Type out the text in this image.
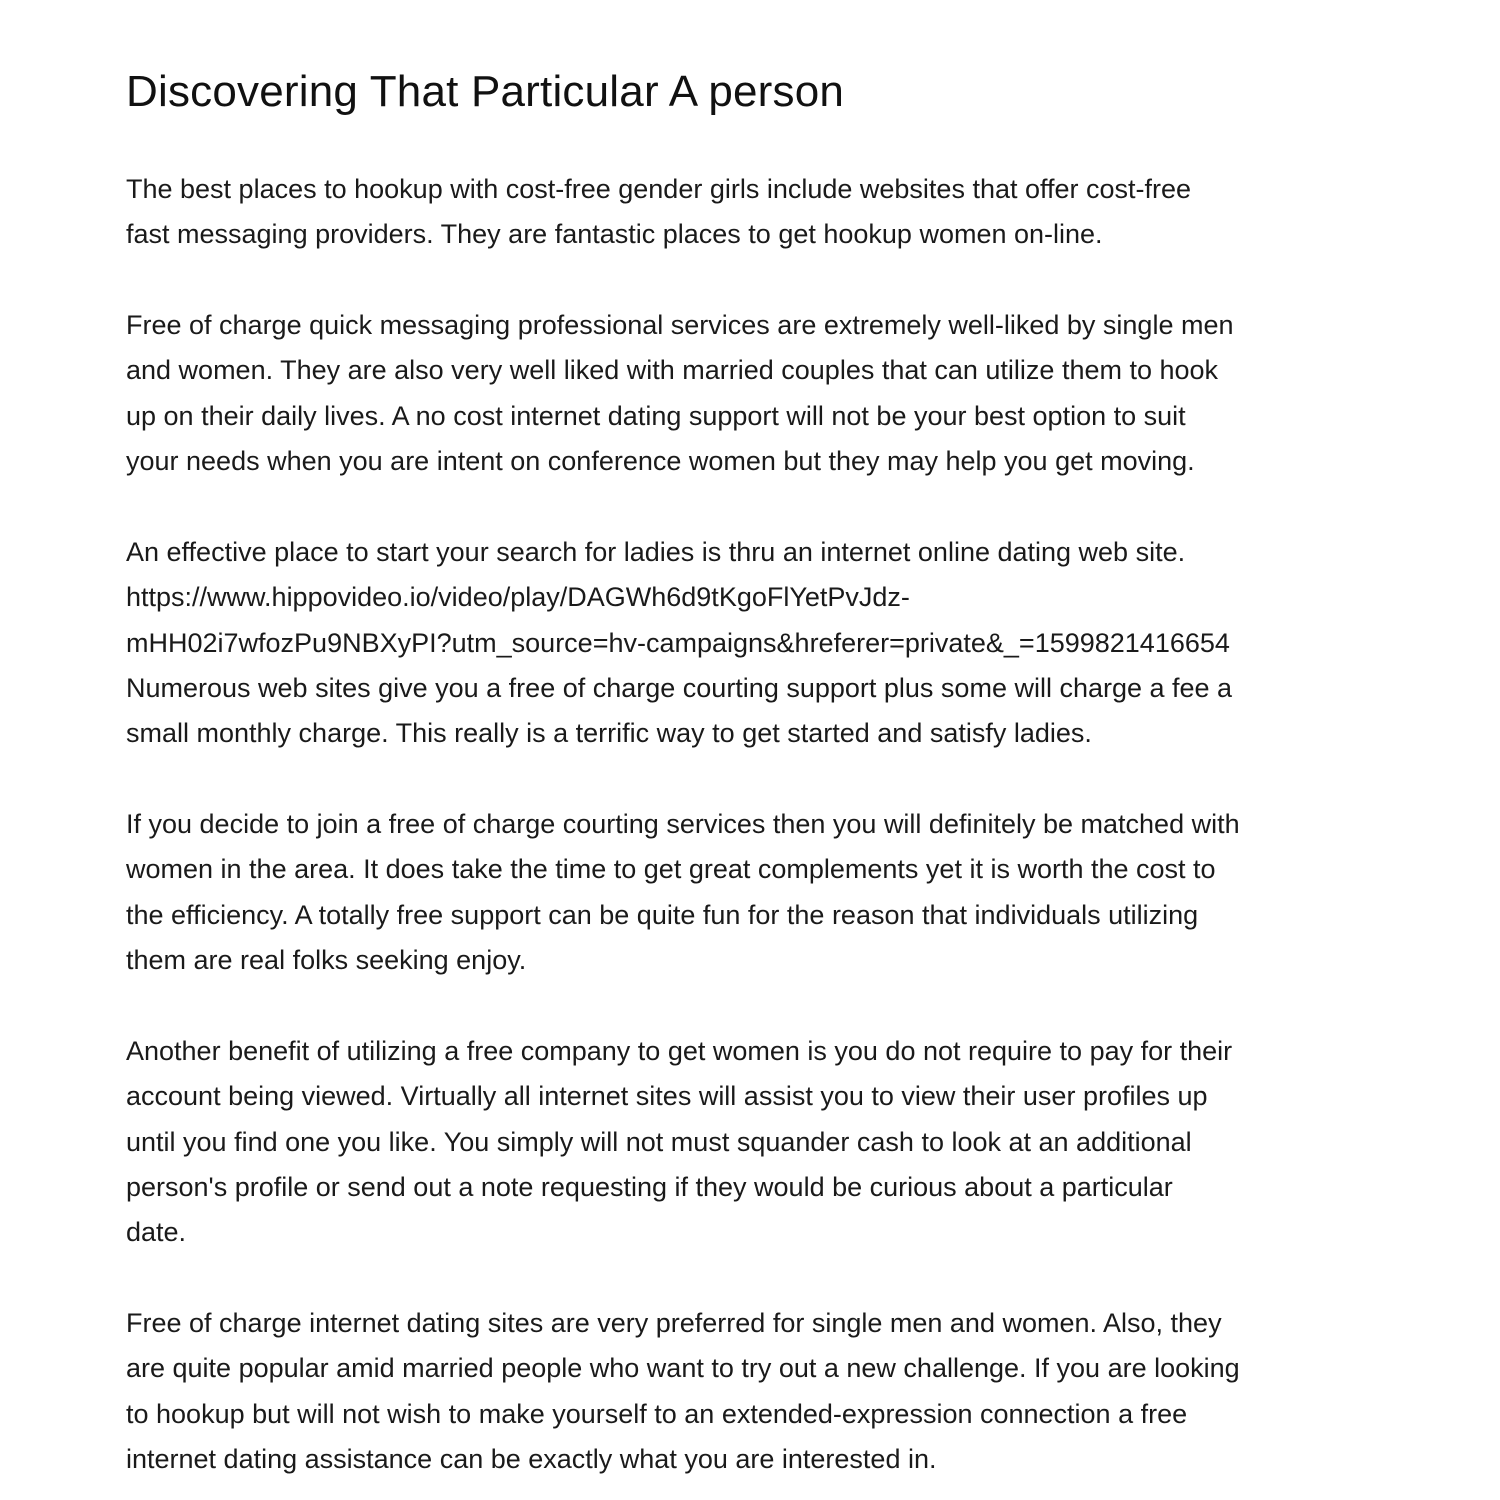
Discovering That Particular A person

The best places to hookup with cost-free gender girls include websites that offer cost-free
fast messaging providers. They are fantastic places to get hookup women on-line.

Free of charge quick messaging professional services are extremely well-liked by single men
and women. They are also very well liked with married couples that can utilize them to hook
up on their daily lives. A no cost internet dating support will not be your best option to suit
your needs when you are intent on conference women but they may help you get moving.

An effective place to start your search for ladies is thru an internet online dating web site.
https://www.hippovideo.io/video/play/DAGWh6d9tKgoFlYetPvJdz-
mHH02i7wfozPu9NBXyPI?utm_source=hv-campaigns&hreferer=private&_=1599821416654
Numerous web sites give you a free of charge courting support plus some will charge a fee a
small monthly charge. This really is a terrific way to get started and satisfy ladies.

If you decide to join a free of charge courting services then you will definitely be matched with
women in the area. It does take the time to get great complements yet it is worth the cost to
the efficiency. A totally free support can be quite fun for the reason that individuals utilizing
them are real folks seeking enjoy.

Another benefit of utilizing a free company to get women is you do not require to pay for their
account being viewed. Virtually all internet sites will assist you to view their user profiles up
until you find one you like. You simply will not must squander cash to look at an additional
person's profile or send out a note requesting if they would be curious about a particular
date.

Free of charge internet dating sites are very preferred for single men and women. Also, they
are quite popular amid married people who want to try out a new challenge. If you are looking
to hookup but will not wish to make yourself to an extended-expression connection a free
internet dating assistance can be exactly what you are interested in.
